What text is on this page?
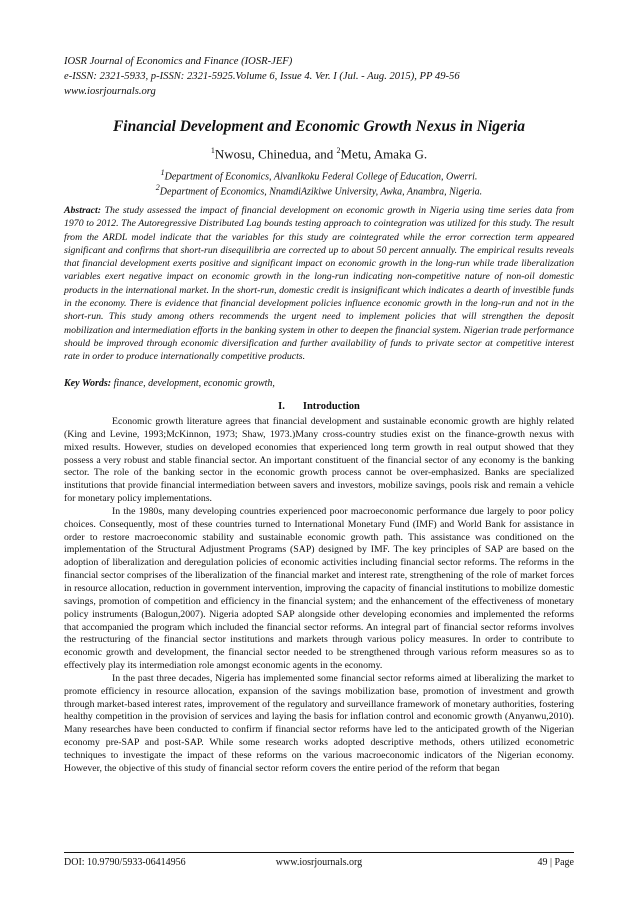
IOSR Journal of Economics and Finance (IOSR-JEF)
e-ISSN: 2321-5933, p-ISSN: 2321-5925.Volume 6, Issue 4. Ver. I (Jul. - Aug. 2015), PP 49-56
www.iosrjournals.org
Financial Development and Economic Growth Nexus in Nigeria
$^1$Nwosu, Chinedua, and $^2$Metu, Amaka G.
$^1$Department of Economics, AlvanIkoku Federal College of Education, Owerri.
$^2$Department of Economics, NnamdiAzikiwe University, Awka, Anambra, Nigeria.

Abstract: The study assessed the impact of financial development on economic growth in Nigeria using time series data from 1970 to 2012. The Autoregressive Distributed Lag bounds testing approach to cointegration was utilized for this study. The result from the ARDL model indicate that the variables for this study are cointegrated while the error correction term appeared significant and confirms that short-run disequilibria are corrected up to about 50 percent annually. The empirical results reveals that financial development exerts positive and significant impact on economic growth in the long-run while trade liberalization variables exert negative impact on economic growth in the long-run indicating non-competitive nature of non-oil domestic products in the international market. In the short-run, domestic credit is insignificant which indicates a dearth of investible funds in the economy. There is evidence that financial development policies influence economic growth in the long-run and not in the short-run. This study among others recommends the urgent need to implement policies that will strengthen the deposit mobilization and intermediation efforts in the banking system in other to deepen the financial system. Nigerian trade performance should be improved through economic diversification and further availability of funds to private sector at competitive interest rate in order to produce internationally competitive products.

Key Words: finance, development, economic growth,

I. Introduction

Economic growth literature agrees that financial development and sustainable economic growth are highly related (King and Levine, 1993;McKinnon, 1973; Shaw, 1973.)Many cross-country studies exist on the finance-growth nexus with mixed results. However, studies on developed economies that experienced long term growth in real output showed that they possess a very robust and stable financial sector. An important constituent of the financial sector of any economy is the banking sector. The role of the banking sector in the economic growth process cannot be over-emphasized. Banks are specialized institutions that provide financial intermediation between savers and investors, mobilize savings, pools risk and remain a vehicle for monetary policy implementations.

In the 1980s, many developing countries experienced poor macroeconomic performance due largely to poor policy choices. Consequently, most of these countries turned to International Monetary Fund (IMF) and World Bank for assistance in order to restore macroeconomic stability and sustainable economic growth path. This assistance was conditioned on the implementation of the Structural Adjustment Programs (SAP) designed by IMF. The key principles of SAP are based on the adoption of liberalization and deregulation policies of economic activities including financial sector reforms. The reforms in the financial sector comprises of the liberalization of the financial market and interest rate, strengthening of the role of market forces in resource allocation, reduction in government intervention, improving the capacity of financial institutions to mobilize domestic savings, promotion of competition and efficiency in the financial system; and the enhancement of the effectiveness of monetary policy instruments (Balogun,2007). Nigeria adopted SAP alongside other developing economies and implemented the reforms that accompanied the program which included the financial sector reforms. An integral part of financial sector reforms involves the restructuring of the financial sector institutions and markets through various policy measures. In order to contribute to economic growth and development, the financial sector needed to be strengthened through various reform measures so as to effectively play its intermediation role amongst economic agents in the economy.

In the past three decades, Nigeria has implemented some financial sector reforms aimed at liberalizing the market to promote efficiency in resource allocation, expansion of the savings mobilization base, promotion of investment and growth through market-based interest rates, improvement of the regulatory and surveillance framework of monetary authorities, fostering healthy competition in the provision of services and laying the basis for inflation control and economic growth (Anyanwu,2010). Many researches have been conducted to confirm if financial sector reforms have led to the anticipated growth of the Nigerian economy pre-SAP and post-SAP. While some research works adopted descriptive methods, others utilized econometric techniques to investigate the impact of these reforms on the various macroeconomic indicators of the Nigerian economy. However, the objective of this study of financial sector reform covers the entire period of the reform that began

DOI: 10.9790/5933-06414956	www.iosrjournals.org	49 | Page
